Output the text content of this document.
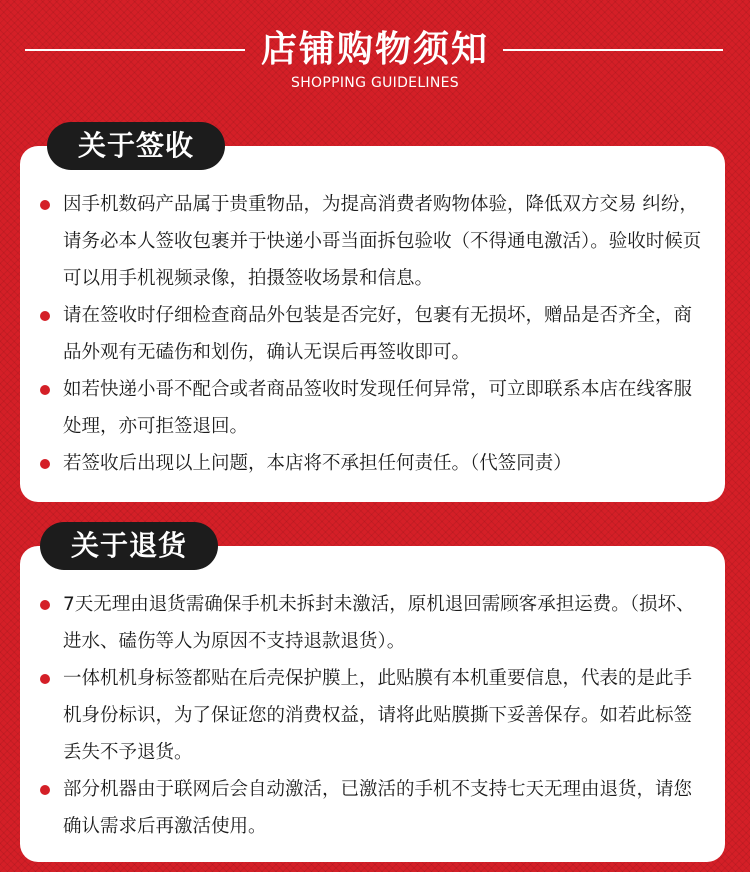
店铺购物须知
SHOPPING GUIDELINES
关于签收
因手机数码产品属于贵重物品，为提高消费者购物体验，降低双方交易 纠纷，请务必本人签收包裹并于快递小哥当面拆包验收（不得通电激活）。验收时候页可以用手机视频录像，拍摄签收场景和信息。
请在签收时仔细检查商品外包装是否完好，包裹有无损坏，赠品是否齐全，商品外观有无磕伤和划伤，确认无误后再签收即可。
如若快递小哥不配合或者商品签收时发现任何异常，可立即联系本店在线客服处理，亦可拒签退回。
若签收后出现以上问题，本店将不承担任何责任。（代签同责）
关于退货
7天无理由退货需确保手机未拆封未激活，原机退回需顾客承担运费。（损坏、进水、磕伤等人为原因不支持退款退货）。
一体机机身标签都贴在后壳保护膜上，此贴膜有本机重要信息，代表的是此手机身份标识，为了保证您的消费权益，请将此贴膜撕下妥善保存。如若此标签丢失不予退货。
部分机器由于联网后会自动激活，已激活的手机不支持七天无理由退货，请您确认需求后再激活使用。
